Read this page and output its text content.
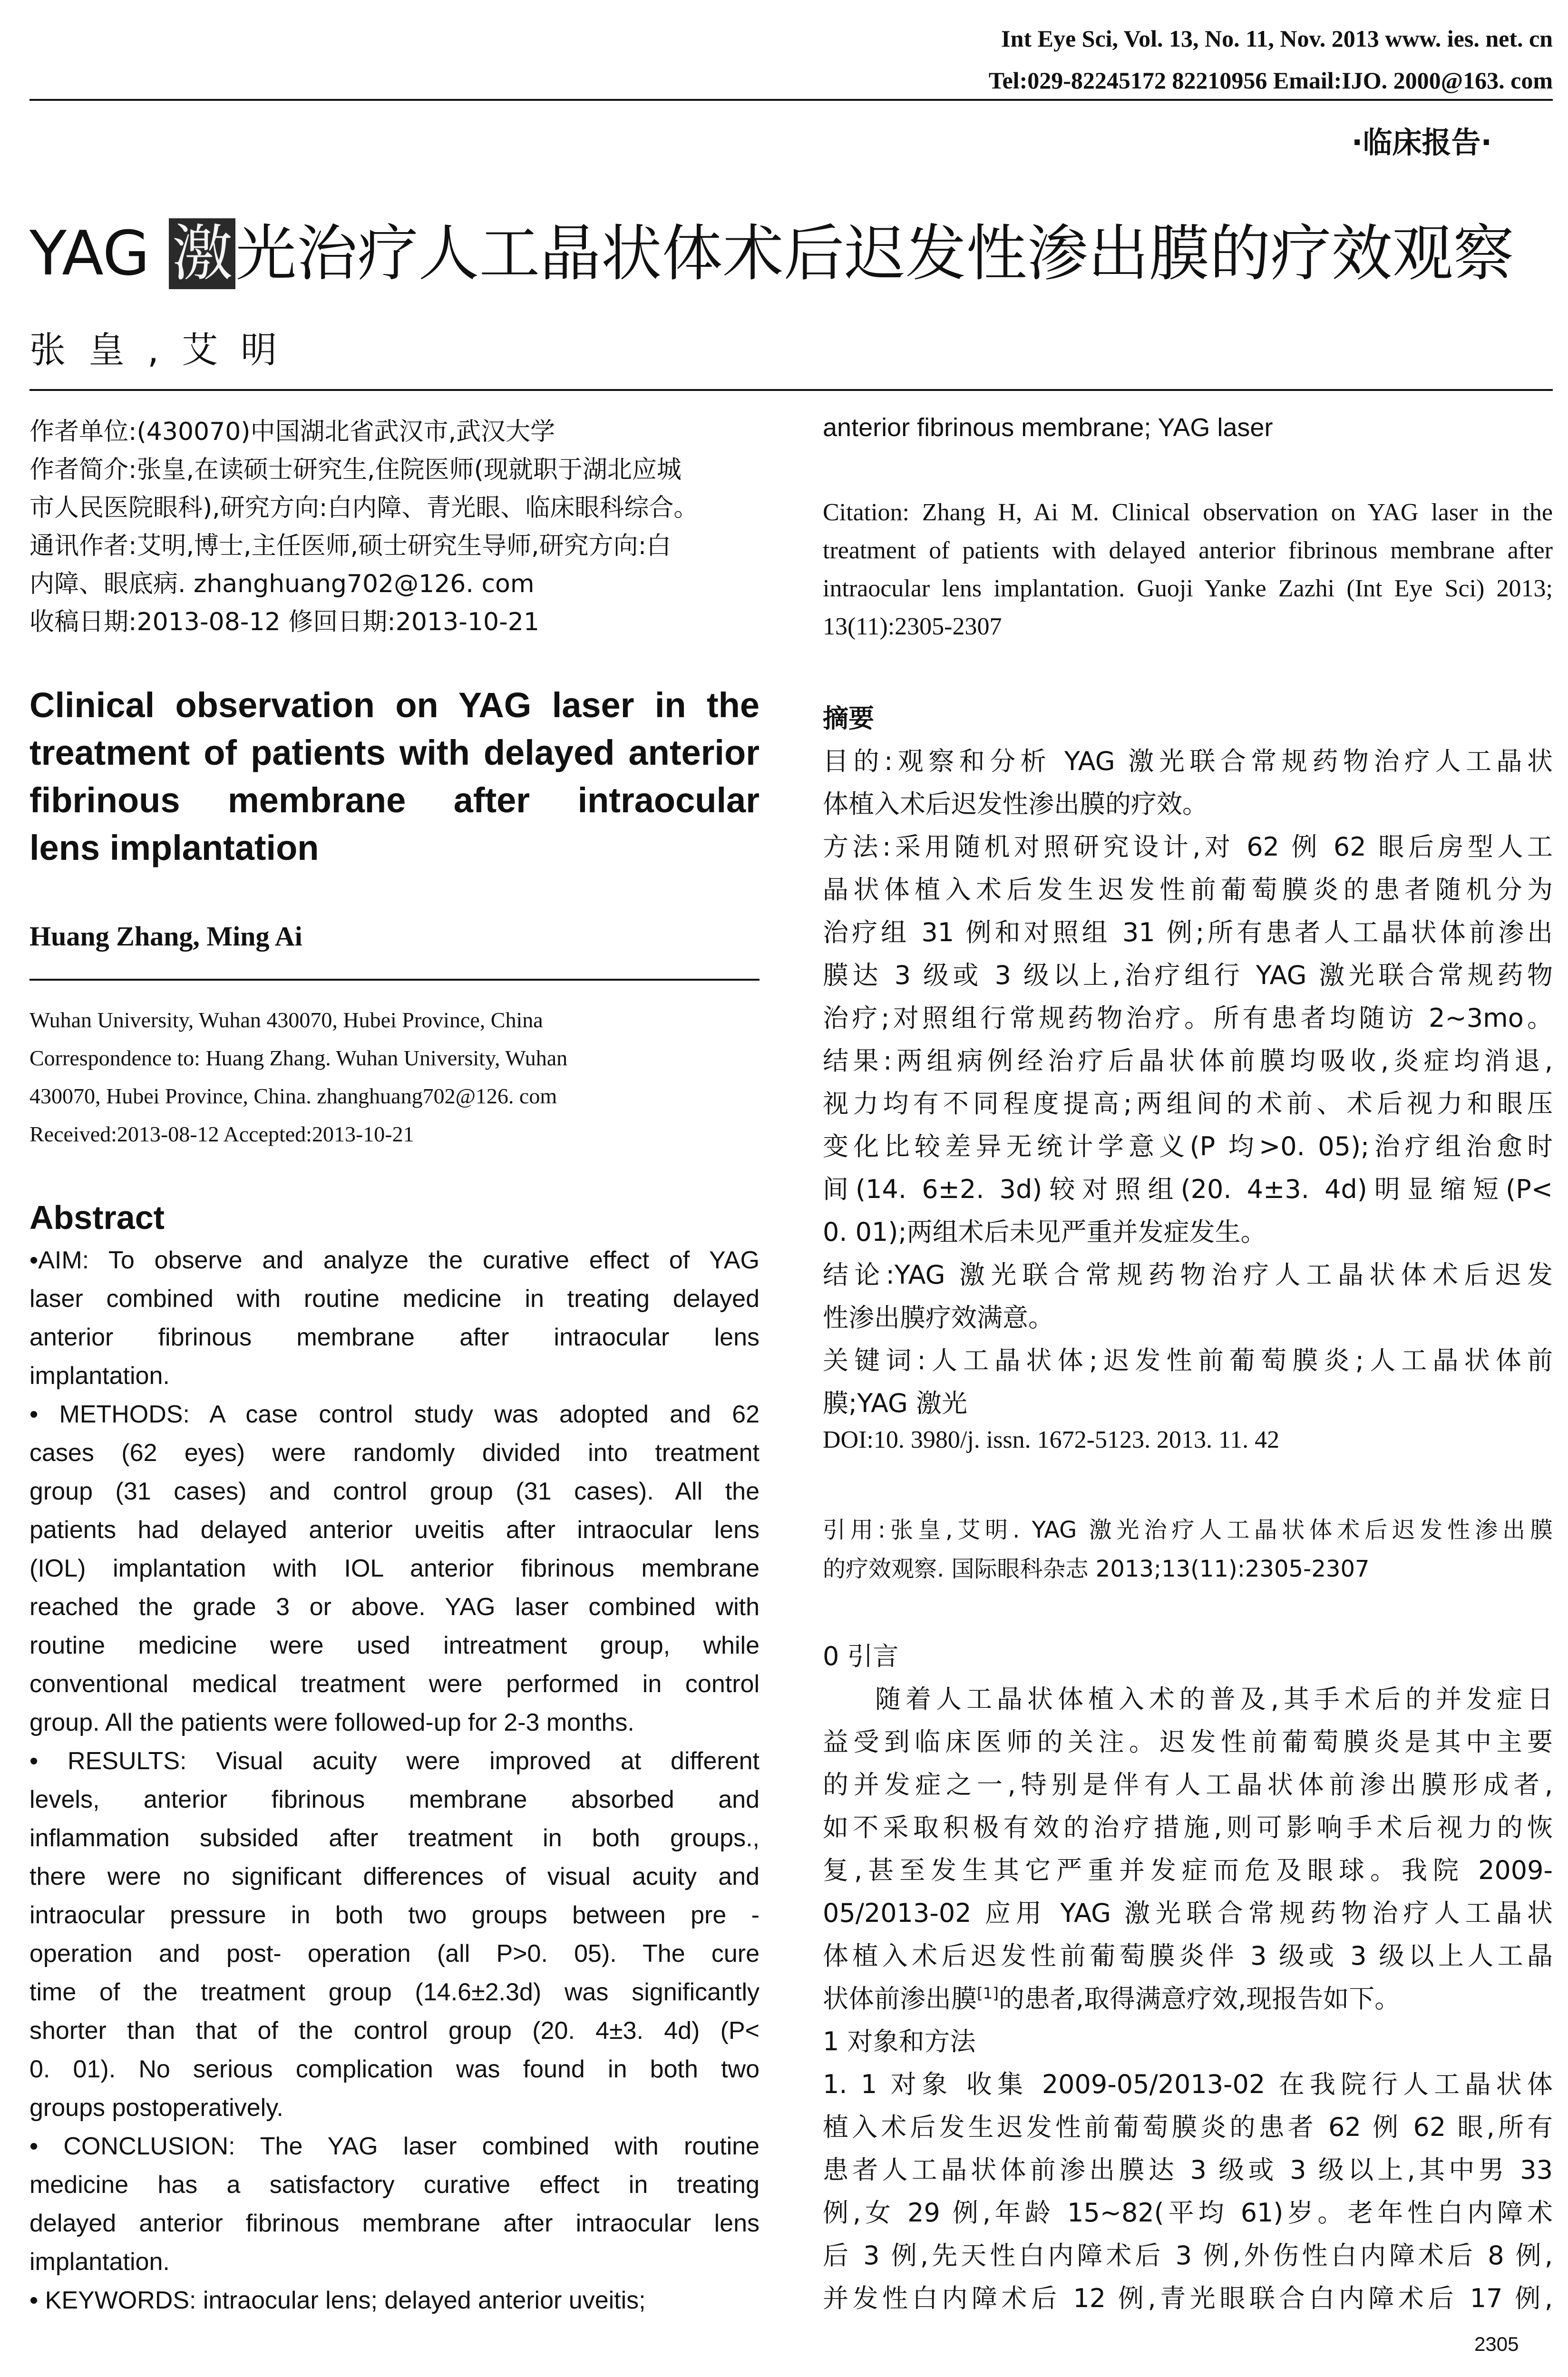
Int Eye Sci, Vol. 13, No. 11, Nov. 2013 www. ies. net. cn
Tel:029-82245172 82210956 Email:IJO. 2000@163. com
·临床报告·
YAG 激光治疗人工晶状体术后迟发性渗出膜的疗效观察
张皇,艾明
作者单位:(430070)中国湖北省武汉市,武汉大学
作者简介:张皇,在读硕士研究生,住院医师(现就职于湖北应城
市人民医院眼科),研究方向:白内障、青光眼、临床眼科综合。
通讯作者:艾明,博士,主任医师,硕士研究生导师,研究方向:白
内障、眼底病. zhanghuang702@126. com
收稿日期:2013-08-12 修回日期:2013-10-21
Clinical observation on YAG laser in the
treatment of patients with delayed anterior
fibrinous membrane after intraocular
lens implantation
Huang Zhang, Ming Ai
Wuhan University, Wuhan 430070, Hubei Province, China
Correspondence to: Huang Zhang. Wuhan University, Wuhan
430070, Hubei Province, China. zhanghuang702@126. com
Received:2013-08-12 Accepted:2013-10-21
Abstract
•AIM: To observe and analyze the curative effect of YAG
laser combined with routine medicine in treating delayed
anterior fibrinous membrane after intraocular lens
implantation.
• METHODS: A case control study was adopted and 62
cases (62 eyes) were randomly divided into treatment
group (31 cases) and control group (31 cases). All the
patients had delayed anterior uveitis after intraocular lens
(IOL) implantation with IOL anterior fibrinous membrane
reached the grade 3 or above. YAG laser combined with
routine medicine were used intreatment group, while
conventional medical treatment were performed in control
group. All the patients were followed-up for 2-3 months.
• RESULTS: Visual acuity were improved at different
levels, anterior fibrinous membrane absorbed and
inflammation subsided after treatment in both groups.,
there were no significant differences of visual acuity and
intraocular pressure in both two groups between pre -
operation and post- operation (all P>0. 05). The cure
time of the treatment group (14.6±2.3d) was significantly
shorter than that of the control group (20. 4±3. 4d) (P<
0. 01). No serious complication was found in both two
groups postoperatively.
• CONCLUSION: The YAG laser combined with routine
medicine has a satisfactory curative effect in treating
delayed anterior fibrinous membrane after intraocular lens
implantation.
• KEYWORDS: intraocular lens; delayed anterior uveitis;
anterior fibrinous membrane; YAG laser
Citation: Zhang H, Ai M. Clinical observation on YAG laser in the
treatment of patients with delayed anterior fibrinous membrane after
intraocular lens implantation. Guoji Yanke Zazhi (Int Eye Sci) 2013;
13(11):2305-2307
摘要
目的:观察和分析 YAG 激光联合常规药物治疗人工晶状
体植入术后迟发性渗出膜的疗效。
方法:采用随机对照研究设计,对 62 例 62 眼后房型人工
晶状体植入术后发生迟发性前葡萄膜炎的患者随机分为
治疗组 31 例和对照组 31 例;所有患者人工晶状体前渗出
膜达 3 级或 3 级以上,治疗组行 YAG 激光联合常规药物
治疗;对照组行常规药物治疗。所有患者均随访 2~3mo。
结果:两组病例经治疗后晶状体前膜均吸收,炎症均消退,
视力均有不同程度提高;两组间的术前、术后视力和眼压
变化比较差异无统计学意义(P 均>0. 05);治疗组治愈时
间(14. 6±2. 3d)较对照组(20. 4±3. 4d)明显缩短(P<
0. 01);两组术后未见严重并发症发生。
结论:YAG 激光联合常规药物治疗人工晶状体术后迟发
性渗出膜疗效满意。
关键词:人工晶状体;迟发性前葡萄膜炎;人工晶状体前
膜;YAG 激光
DOI:10. 3980/j. issn. 1672-5123. 2013. 11. 42
引用:张皇,艾明. YAG 激光治疗人工晶状体术后迟发性渗出膜
的疗效观察. 国际眼科杂志 2013;13(11):2305-2307
0 引言
随着人工晶状体植入术的普及,其手术后的并发症日
益受到临床医师的关注。迟发性前葡萄膜炎是其中主要
的并发症之一,特别是伴有人工晶状体前渗出膜形成者,
如不采取积极有效的治疗措施,则可影响手术后视力的恢
复,甚至发生其它严重并发症而危及眼球。我院 2009-
05/2013-02 应用 YAG 激光联合常规药物治疗人工晶状
体植入术后迟发性前葡萄膜炎伴 3 级或 3 级以上人工晶
状体前渗出膜[1]的患者,取得满意疗效,现报告如下。
1 对象和方法
1. 1 对象 收集 2009-05/2013-02 在我院行人工晶状体
植入术后发生迟发性前葡萄膜炎的患者 62 例 62 眼,所有
患者人工晶状体前渗出膜达 3 级或 3 级以上,其中男 33
例,女 29 例,年龄 15~82(平均 61)岁。老年性白内障术
后 3 例,先天性白内障术后 3 例,外伤性白内障术后 8 例,
并发性白内障术后 12 例,青光眼联合白内障术后 17 例,
2305
